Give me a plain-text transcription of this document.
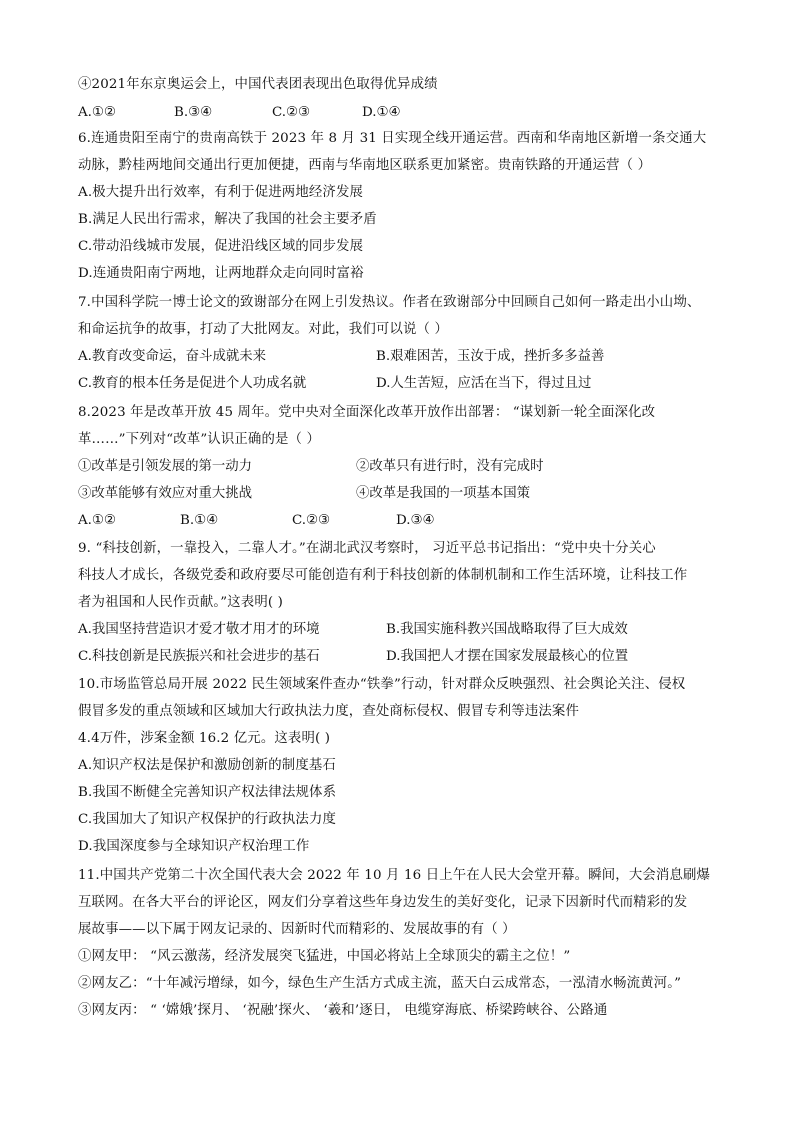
④2021年东京奥运会上，中国代表团表现出色取得优异成绩
A.①②	B.③④	C.②③	D.①④
6.连通贵阳至南宁的贵南高铁于 2023 年 8 月 31 日实现全线开通运营。西南和华南地区新增一条交通大
动脉，黔桂两地间交通出行更加便捷，西南与华南地区联系更加紧密。贵南铁路的开通运营（ ）
A.极大提升出行效率，有利于促进两地经济发展
B.满足人民出行需求，解决了我国的社会主要矛盾
C.带动沿线城市发展，促进沿线区域的同步发展
D.连通贵阳南宁两地，让两地群众走向同时富裕
7.中国科学院一博士论文的致谢部分在网上引发热议。作者在致谢部分中回顾自己如何一路走出小山坳、
和命运抗争的故事，打动了大批网友。对此，我们可以说（ ）
A.教育改变命运，奋斗成就未来	B.艰难困苦，玉汝于成，挫折多多益善
C.教育的根本任务是促进个人功成名就	D.人生苦短，应活在当下，得过且过
8.2023 年是改革开放 45 周年。党中央对全面深化改革开放作出部署： “谋划新一轮全面深化改
革……”下列对“改革”认识正确的是（ ）
①改革是引领发展的第一动力	②改革只有进行时，没有完成时
③改革能够有效应对重大挑战	④改革是我国的一项基本国策
A.①②	B.①④	C.②③	D.③④
9. “科技创新，一靠投入，二靠人才。”在湖北武汉考察时， 习近平总书记指出：“党中央十分关心
科技人才成长，各级党委和政府要尽可能创造有利于科技创新的体制机制和工作生活环境，让科技工作
者为祖国和人民作贡献。”这表明( )
A.我国坚持营造识才爱才敬才用才的环境	B.我国实施科教兴国战略取得了巨大成效
C.科技创新是民族振兴和社会进步的基石	D.我国把人才摆在国家发展最核心的位置
10.市场监管总局开展 2022 民生领域案件查办“铁拳”行动，针对群众反映强烈、社会舆论关注、侵权
假冒多发的重点领域和区域加大行政执法力度，查处商标侵权、假冒专利等违法案件
4.4万件，涉案金额 16.2 亿元。这表明( )
A.知识产权法是保护和激励创新的制度基石
B.我国不断健全完善知识产权法律法规体系
C.我国加大了知识产权保护的行政执法力度
D.我国深度参与全球知识产权治理工作
11.中国共产党第二十次全国代表大会 2022 年 10 月 16 日上午在人民大会堂开幕。瞬间，大会消息刷爆
互联网。在各大平台的评论区，网友们分享着这些年身边发生的美好变化，记录下因新时代而精彩的发
展故事——以下属于网友记录的、因新时代而精彩的、发展故事的有（ ）
①网友甲： “风云激荡，经济发展突飞猛进，中国必将站上全球顶尖的霸主之位！”
②网友乙：“十年减污增绿，如今，绿色生产生活方式成主流，蓝天白云成常态，一泓清水畅流黄河。”
③网友丙： “ ‘嫦娥’探月、 ‘祝融’探火、 ‘羲和’逐日， 电缆穿海底、桥梁跨峡谷、公路通
